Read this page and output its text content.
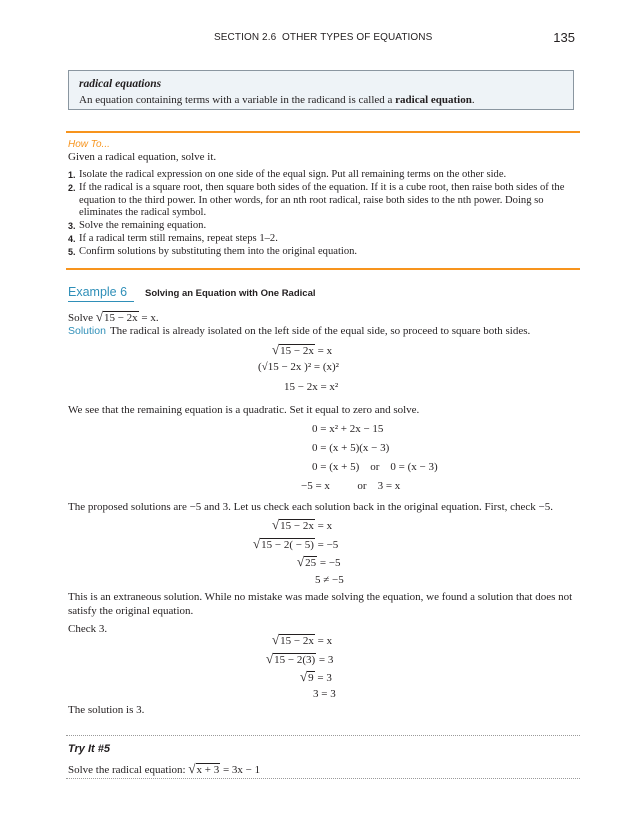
SECTION 2.6 OTHER TYPES OF EQUATIONS	135
radical equations
An equation containing terms with a variable in the radicand is called a radical equation.
How To...
Given a radical equation, solve it.
1. Isolate the radical expression on one side of the equal sign. Put all remaining terms on the other side.
2. If the radical is a square root, then square both sides of the equation. If it is a cube root, then raise both sides of the equation to the third power. In other words, for an nth root radical, raise both sides to the nth power. Doing so eliminates the radical symbol.
3. Solve the remaining equation.
4. If a radical term still remains, repeat steps 1–2.
5. Confirm solutions by substituting them into the original equation.
Example 6 Solving an Equation with One Radical
Solve √15 − 2x = x.
Solution The radical is already isolated on the left side of the equal side, so proceed to square both sides.
√15 − 2x = x
(√15 − 2x )² = (x)²
15 − 2x = x²
We see that the remaining equation is a quadratic. Set it equal to zero and solve.
0 = x² + 2x − 15
0 = (x + 5)(x − 3)
0 = (x + 5)    or    0 = (x − 3)
−5 = x          or    3 = x
The proposed solutions are −5 and 3. Let us check each solution back in the original equation. First, check −5.
√15 − 2x = x
√15 − 2( − 5) = −5
√25 = −5
5 ≠ −5
This is an extraneous solution. While no mistake was made solving the equation, we found a solution that does not
satisfy the original equation.
Check 3.
√15 − 2x = x
√15 − 2(3) = 3
√9 = 3
3 = 3
The solution is 3.
Try It #5
Solve the radical equation: √x + 3 = 3x − 1
